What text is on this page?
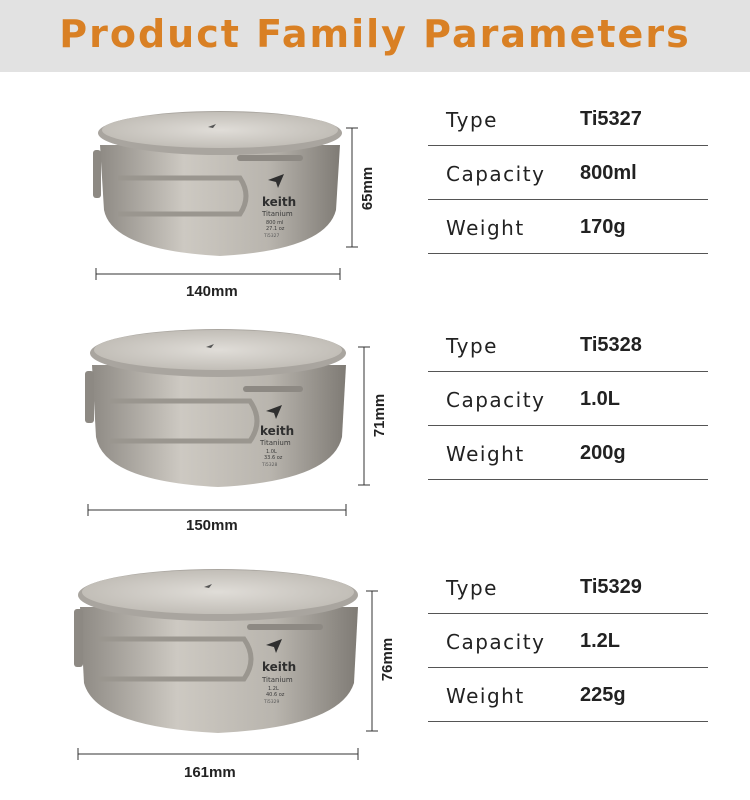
Product Family Parameters
keith
Titanium
800 ml
27.1 oz
Ti5327
65mm
140mm
Type	Ti5327
Capacity 800ml
Weight	170g
keith
Titanium
1.0L
33.6 oz
Ti5328
71mm
150mm
Type	Ti5328
Capacity 1.0L
Weight	200g
keith
Titanium
1.2L
40.6 oz
Ti5329
76mm
161mm
Type	Ti5329
Capacity 1.2L
Weight	225g
